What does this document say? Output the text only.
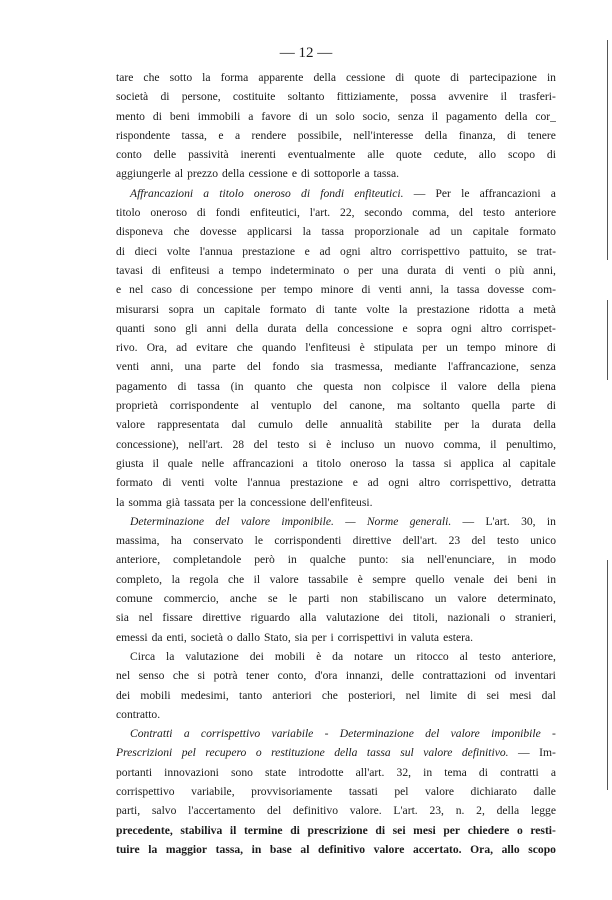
— 12 —
tare che sotto la forma apparente della cessione di quote di partecipazione in
società di persone, costituite soltanto fittiziamente, possa avvenire il trasferi-
mento di beni immobili a favore di un solo socio, senza il pagamento della cor_
rispondente tassa, e a rendere possibile, nell'interesse della finanza, di tenere
conto delle passività inerenti eventualmente alle quote cedute, allo scopo di
aggiungerle al prezzo della cessione e di sottoporle a tassa.
Affrancazioni a titolo oneroso di fondi enfiteutici. — Per le affrancazioni a
titolo oneroso di fondi enfiteutici, l'art. 22, secondo comma, del testo anteriore
disponeva che dovesse applicarsi la tassa proporzionale ad un capitale formato
di dieci volte l'annua prestazione e ad ogni altro corrispettivo pattuito, se trat-
tavasi di enfiteusi a tempo indeterminato o per una durata di venti o più anni,
e nel caso di concessione per tempo minore di venti anni, la tassa dovesse com-
misurarsi sopra un capitale formato di tante volte la prestazione ridotta a metà
quanti sono gli anni della durata della concessione e sopra ogni altro corrispet-
rivo. Ora, ad evitare che quando l'enfiteusi è stipulata per un tempo minore di
venti anni, una parte del fondo sia trasmessa, mediante l'affrancazione, senza
pagamento di tassa (in quanto che questa non colpisce il valore della piena
proprietà corrispondente al ventuplo del canone, ma soltanto quella parte di
valore rappresentata dal cumulo delle annualità stabilite per la durata della
concessione), nell'art. 28 del testo si è incluso un nuovo comma, il penultimo,
giusta il quale nelle affrancazioni a titolo oneroso la tassa si applica al capitale
formato di venti volte l'annua prestazione e ad ogni altro corrispettivo, detratta
la somma già tassata per la concessione dell'enfiteusi.
Determinazione del valore imponibile. — Norme generali. — L'art. 30, in
massima, ha conservato le corrispondenti direttive dell'art. 23 del testo unico
anteriore, completandole però in qualche punto: sia nell'enunciare, in modo
completo, la regola che il valore tassabile è sempre quello venale dei beni in
comune commercio, anche se le parti non stabiliscano un valore determinato,
sia nel fissare direttive riguardo alla valutazione dei titoli, nazionali o stranieri,
emessi da enti, società o dallo Stato, sia per i corrispettivi in valuta estera.
Circa la valutazione dei mobili è da notare un ritocco al testo anteriore,
nel senso che si potrà tener conto, d'ora innanzi, delle contrattazioni od inventari
dei mobili medesimi, tanto anteriori che posteriori, nel limite di sei mesi dal
contratto.
Contratti a corrispettivo variabile - Determinazione del valore imponibile -
Prescrizioni pel recupero o restituzione della tassa sul valore definitivo. — Im-
portanti innovazioni sono state introdotte all'art. 32, in tema di contratti a
corrispettivo variabile, provvisoriamente tassati pel valore dichiarato dalle
parti, salvo l'accertamento del definitivo valore. L'art. 23, n. 2, della legge
precedente, stabiliva il termine di prescrizione di sei mesi per chiedere o resti-
tuire la maggior tassa, in base al definitivo valore accertato. Ora, allo scopo
